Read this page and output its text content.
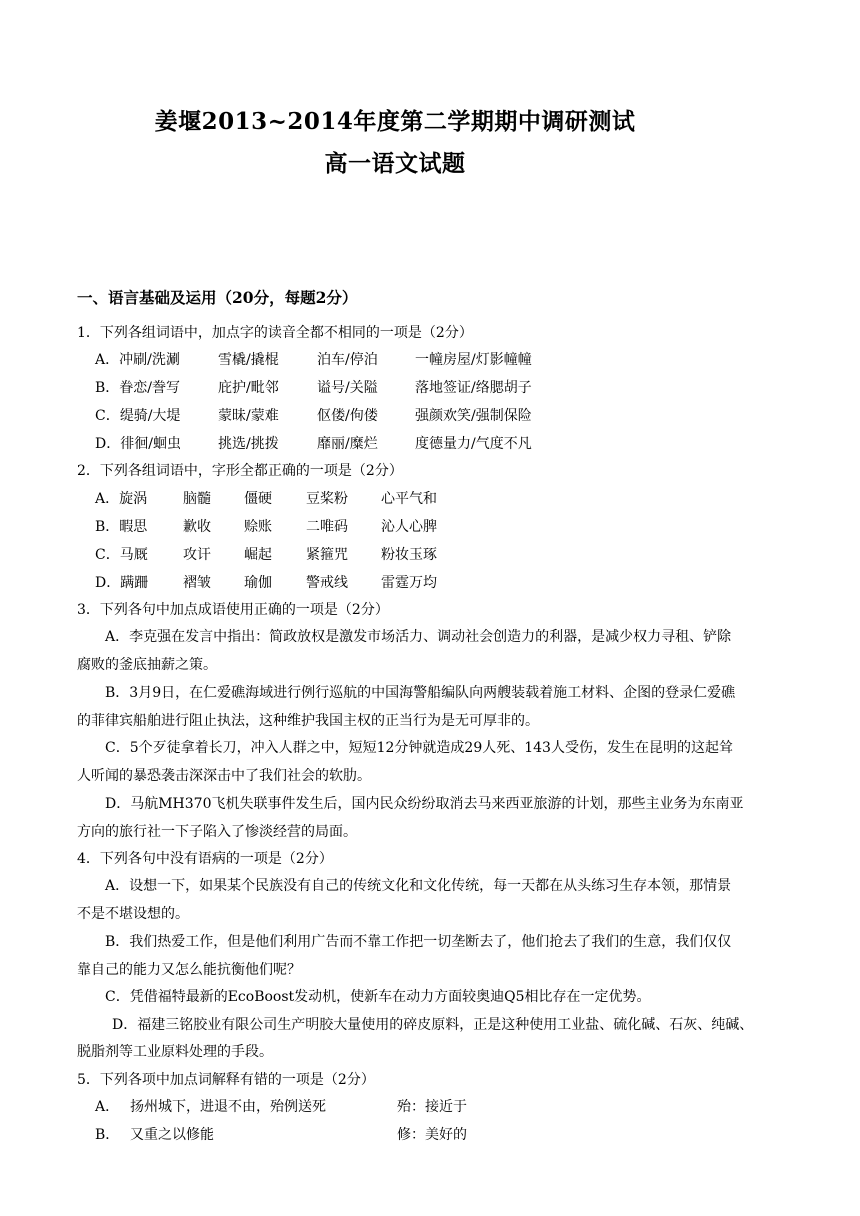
姜堰2013~2014年度第二学期期中调研测试
高一语文试题
一、语言基础及运用（20分，每题2分）
1．下列各组词语中，加点字的读音全都不相同的一项是（2分）
A．冲刷/洗涮	雪橇/撬棍	泊车/停泊	一幢房屋/灯影幢幢
B．眷恋/誊写	庇护/毗邻	谥号/关隘	落地签证/络腮胡子
C．缇骑/大堤	蒙昧/蒙难	伛偻/佝偻	强颜欢笑/强制保险
D．徘徊/蛔虫	挑选/挑拨	靡丽/糜烂	度德量力/气度不凡
2．下列各组词语中，字形全都正确的一项是（2分）
A．旋涡	脑髓 僵硬 豆桨粉 心平气和
B．暇思	歉收 赊账 二唯码 沁人心脾
C．马厩	攻讦 崛起 紧箍咒 粉妆玉琢
D．蹒跚 褶皱 瑜伽 警戒线 雷霆万均
3．下列各句中加点成语使用正确的一项是（2分）
A．李克强在发言中指出：简政放权是激发市场活力、调动社会创造力的利器，是减少权力寻租、铲除
腐败的釜底抽薪之策。
B．3月9日，在仁爱礁海域进行例行巡航的中国海警船编队向两艘装载着施工材料、企图的登录仁爱礁
的菲律宾船舶进行阻止执法，这种维护我国主权的正当行为是无可厚非的。
C．5个歹徒拿着长刀，冲入人群之中，短短12分钟就造成29人死、143人受伤，发生在昆明的这起耸
人听闻的暴恐袭击深深击中了我们社会的软肋。
D．马航MH370飞机失联事件发生后，国内民众纷纷取消去马来西亚旅游的计划，那些主业务为东南亚
方向的旅行社一下子陷入了惨淡经营的局面。
4．下列各句中没有语病的一项是（2分）
A．设想一下，如果某个民族没有自己的传统文化和文化传统，每一天都在从头练习生存本领，那情景
不是不堪设想的。
B．我们热爱工作，但是他们利用广告而不靠工作把一切垄断去了，他们抢去了我们的生意，我们仅仅
靠自己的能力又怎么能抗衡他们呢？
C．凭借福特最新的EcoBoost发动机，使新车在动力方面较奥迪Q5相比存在一定优势。
D．福建三铭胶业有限公司生产明胶大量使用的碎皮原料，正是这种使用工业盐、硫化碱、石灰、纯碱、
脱脂剂等工业原料处理的手段。
5．下列各项中加点词解释有错的一项是（2分）
A． 扬州城下，进退不由，殆例送死	殆：接近于
B． 又重之以修能	修：美好的
